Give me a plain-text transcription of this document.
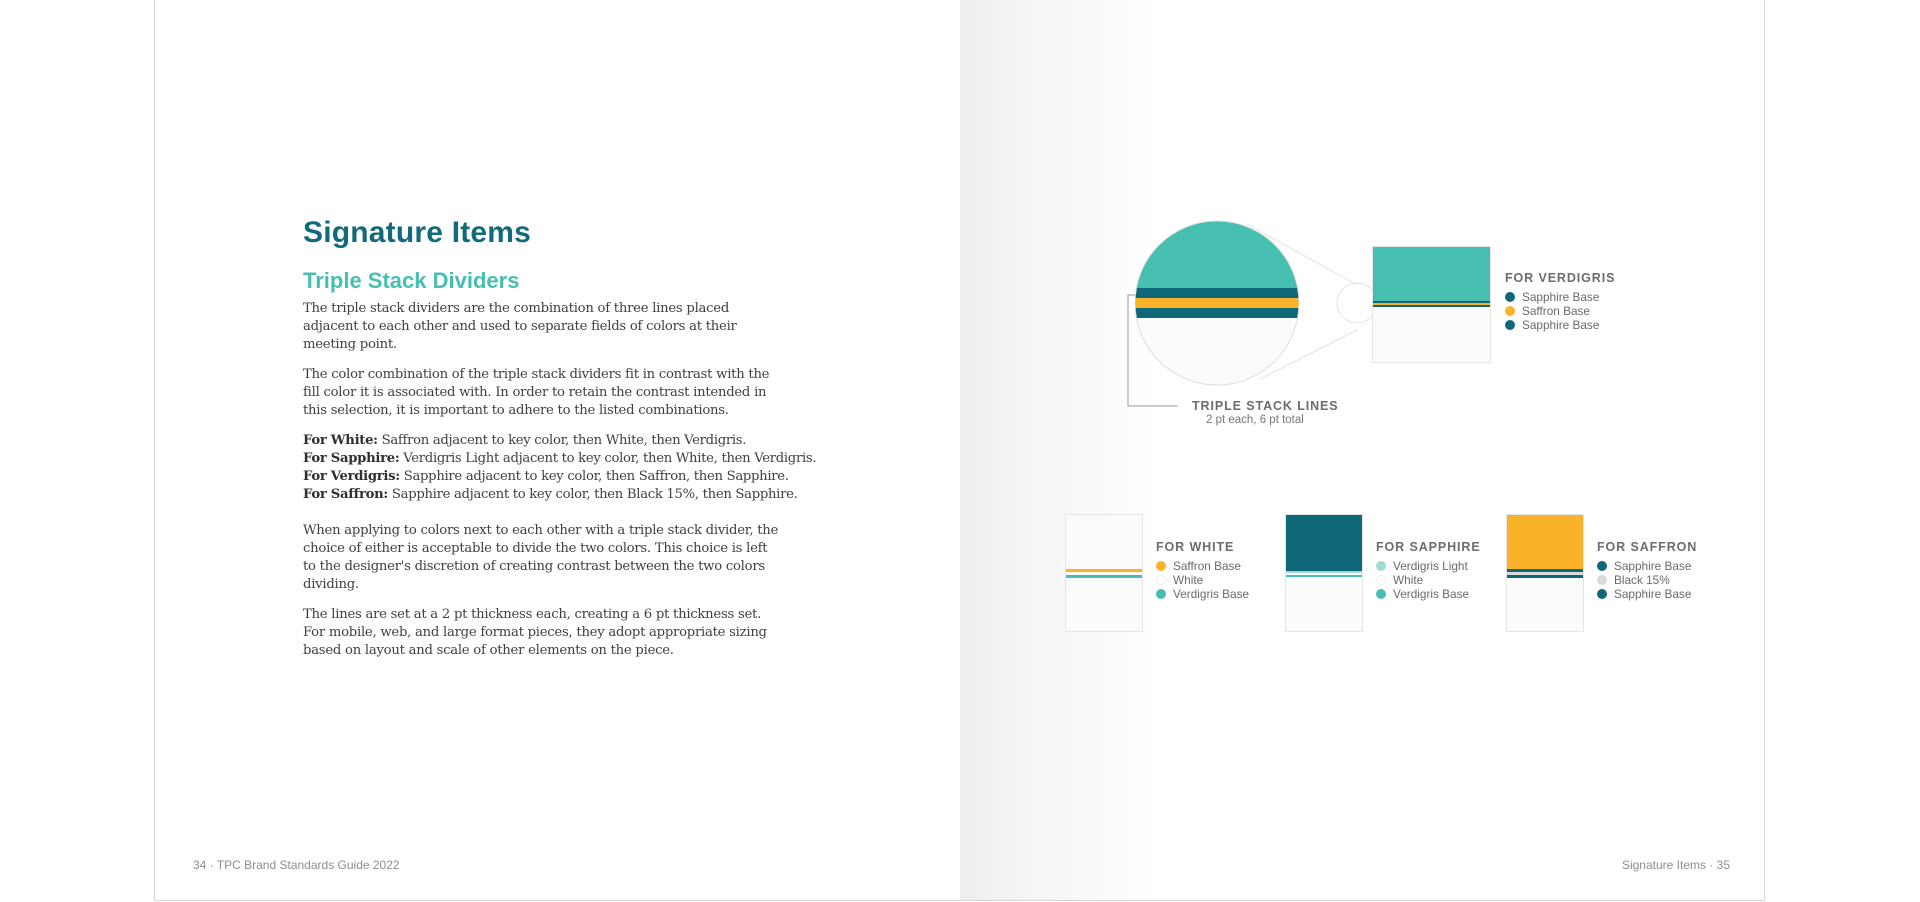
Signature Items
Triple Stack Dividers

The triple stack dividers are the combination of three lines placed adjacent to each other and used to separate fields of colors at their meeting point.

The color combination of the triple stack dividers fit in contrast with the fill color it is associated with. In order to retain the contrast intended in this selection, it is important to adhere to the listed combinations.

For White: Saffron adjacent to key color, then White, then Verdigris.
For Sapphire: Verdigris Light adjacent to key color, then White, then Verdigris.
For Verdigris: Sapphire adjacent to key color, then Saffron, then Sapphire.
For Saffron: Sapphire adjacent to key color, then Black 15%, then Sapphire.

When applying to colors next to each other with a triple stack divider, the choice of either is acceptable to divide the two colors. This choice is left to the designer's discretion of creating contrast between the two colors dividing.

The lines are set at a 2 pt thickness each, creating a 6 pt thickness set. For mobile, web, and large format pieces, they adopt appropriate sizing based on layout and scale of other elements on the piece.

34 · TPC Brand Standards Guide 2022
TRIPLE STACK LINES
2 pt each, 6 pt total
FOR VERDIGRIS
Sapphire Base
Saffron Base
Sapphire Base
FOR WHITE
Saffron Base
White
Verdigris Base
FOR SAPPHIRE
Verdigris Light
White
Verdigris Base
FOR SAFFRON
Sapphire Base
Black 15%
Sapphire Base
Signature Items · 35
